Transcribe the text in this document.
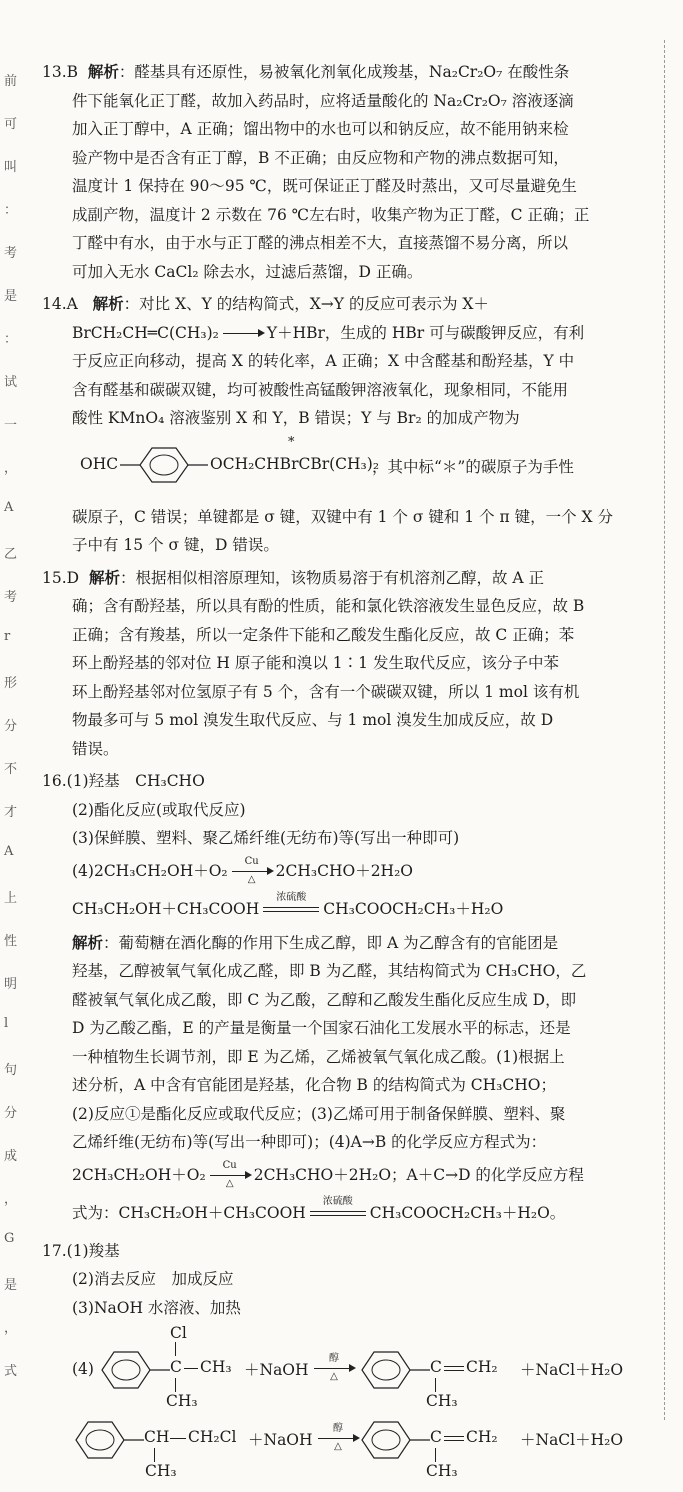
前
可
叫
：
考
是
：
试
一
，
A
乙
考
r
形
分
不
才
A
上
性
明
l
句
分
成
，
G
是
，
式
13.B 解析：醛基具有还原性，易被氧化剂氧化成羧基，Na₂Cr₂O₇ 在酸性条
件下能氧化正丁醛，故加入药品时，应将适量酸化的 Na₂Cr₂O₇ 溶液逐滴
加入正丁醇中，A 正确；馏出物中的水也可以和钠反应，故不能用钠来检
验产物中是否含有正丁醇，B 不正确；由反应物和产物的沸点数据可知，
温度计 1 保持在 90～95 ℃，既可保证正丁醛及时蒸出，又可尽量避免生
成副产物，温度计 2 示数在 76 ℃左右时，收集产物为正丁醛，C 正确；正
丁醛中有水，由于水与正丁醛的沸点相差不大，直接蒸馏不易分离，所以
可加入无水 CaCl₂ 除去水，过滤后蒸馏，D 正确。
14.A 解析：对比 X、Y 的结构简式，X→Y 的反应可表示为 X＋
BrCH₂CH═C(CH₃)₂	Y＋HBr，生成的 HBr 可与碳酸钾反应，有利
于反应正向移动，提高 X 的转化率，A 正确；X 中含醛基和酚羟基，Y 中
含有醛基和碳碳双键，均可被酸性高锰酸钾溶液氧化，现象相同，不能用
酸性 KMnO₄ 溶液鉴别 X 和 Y，B 错误；Y 与 Br₂ 的加成产物为
OHC	OCH₂CHBrCBr(CH₃)₂
*
，其中标“＊”的碳原子为手性
碳原子，C 错误；单键都是 σ 键，双键中有 1 个 σ 键和 1 个 π 键，一个 X 分
子中有 15 个 σ 键，D 错误。
15.D 解析：根据相似相溶原理知，该物质易溶于有机溶剂乙醇，故 A 正
确；含有酚羟基，所以具有酚的性质，能和氯化铁溶液发生显色反应，故 B
正确；含有羧基，所以一定条件下能和乙酸发生酯化反应，故 C 正确；苯
环上酚羟基的邻对位 H 原子能和溴以 1∶1 发生取代反应，该分子中苯
环上酚羟基邻对位氢原子有 5 个，含有一个碳碳双键，所以 1 mol 该有机
物最多可与 5 mol 溴发生取代反应、与 1 mol 溴发生加成反应，故 D
错误。
16.(1)羟基　CH₃CHO
(2)酯化反应(或取代反应)
(3)保鲜膜、塑料、聚乙烯纤维(无纺布)等(写出一种即可)
(4)2CH₃CH₂OH＋O₂
Cu
△	2CH₃CHO＋2H₂O
CH₃CH₂OH＋CH₃COOH
浓硫酸
CH₃COOCH₂CH₃＋H₂O
解析：葡萄糖在酒化酶的作用下生成乙醇，即 A 为乙醇含有的官能团是
羟基，乙醇被氧气氧化成乙醛，即 B 为乙醛，其结构简式为 CH₃CHO，乙
醛被氧气氧化成乙酸，即 C 为乙酸，乙醇和乙酸发生酯化反应生成 D，即
D 为乙酸乙酯，E 的产量是衡量一个国家石油化工发展水平的标志，还是
一种植物生长调节剂，即 E 为乙烯，乙烯被氧气氧化成乙酸。(1)根据上
述分析，A 中含有官能团是羟基，化合物 B 的结构简式为 CH₃CHO；
(2)反应①是酯化反应或取代反应；(3)乙烯可用于制备保鲜膜、塑料、聚
乙烯纤维(无纺布)等(写出一种即可)；(4)A→B 的化学反应方程式为：
2CH₃CH₂OH＋O₂
Cu
△	2CH₃CHO＋2H₂O；A＋C→D 的化学反应方程
式为：CH₃CH₂OH＋CH₃COOH
浓硫酸
CH₃COOCH₂CH₃＋H₂O。
17.(1)羧基
(2)消去反应　加成反应
(3)NaOH 水溶液、加热
(4)
Cl
C CH₃
CH₃
＋NaOH
醇
△
C CH₂
CH₃
＋NaCl＋H₂O
CH CH₂Cl
CH₃
＋NaOH
醇
△
C CH₂
CH₃
＋NaCl＋H₂O
